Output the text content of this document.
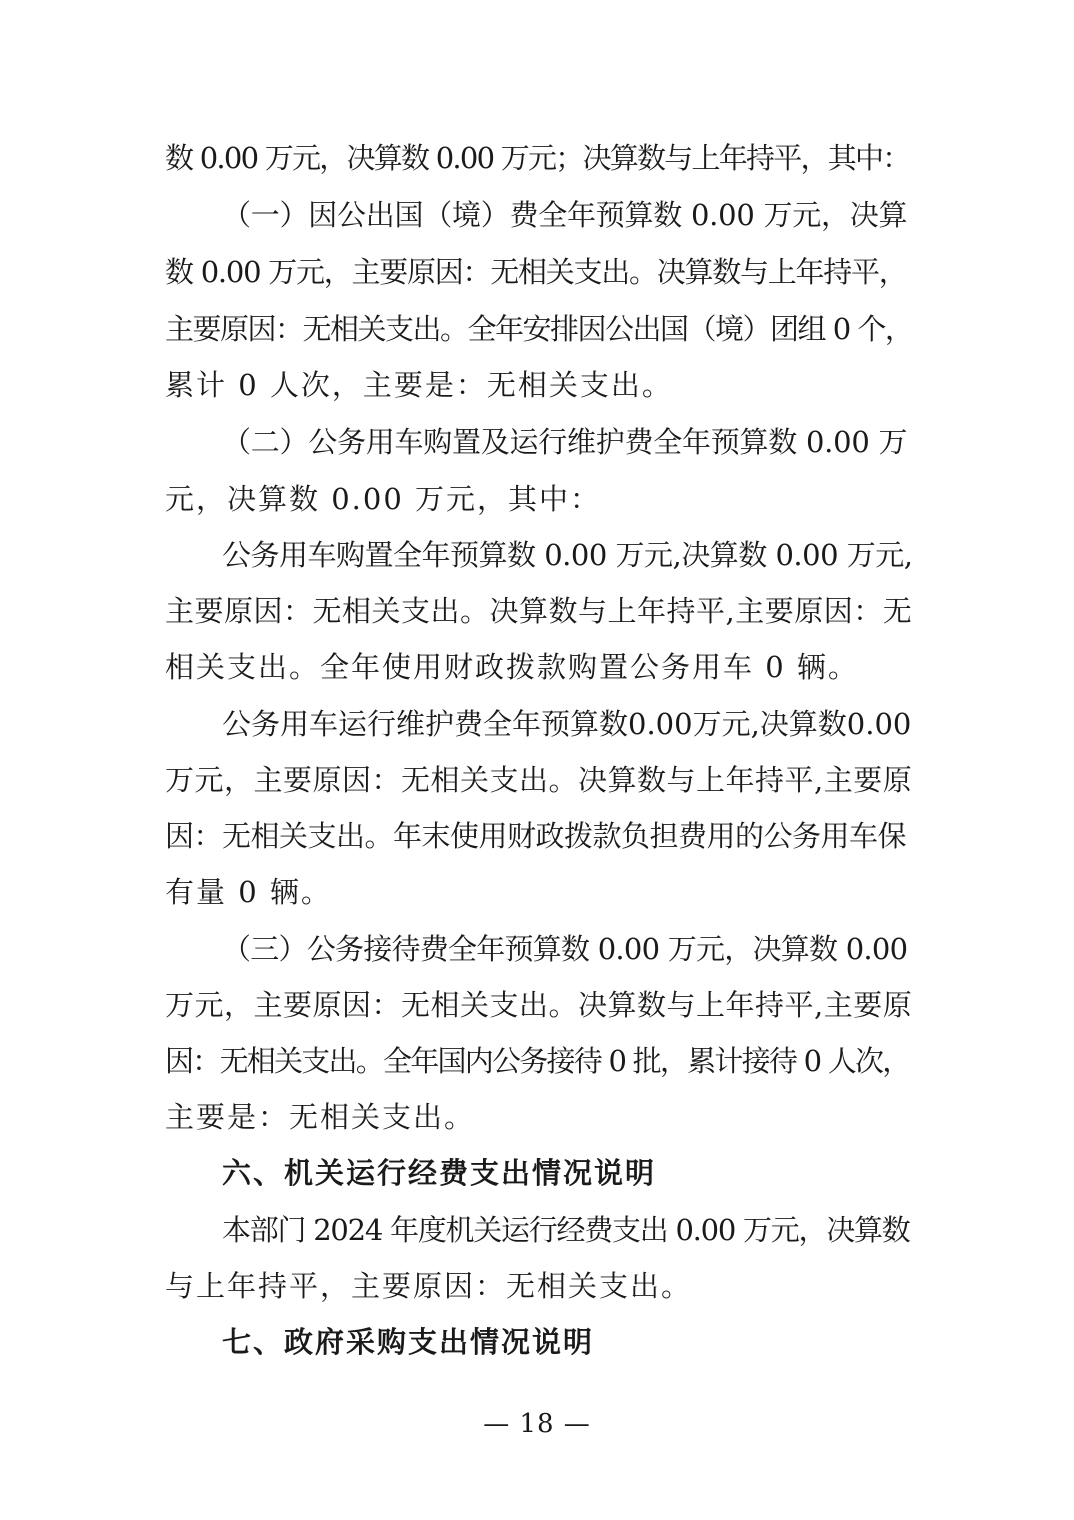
数 0.00 万元，决算数 0.00 万元；决算数与上年持平，其中：
（一）因公出国（境）费全年预算数 0.00 万元，决算
数 0.00 万元，主要原因：无相关支出。决算数与上年持平，
主要原因：无相关支出。全年安排因公出国（境）团组 0 个，
累计 0 人次，主要是：无相关支出。
（二）公务用车购置及运行维护费全年预算数 0.00 万
元，决算数 0.00 万元，其中：
公务用车购置全年预算数 0.00 万元,决算数 0.00 万元,
主要原因：无相关支出。决算数与上年持平,主要原因：无
相关支出。全年使用财政拨款购置公务用车 0 辆。
公务用车运行维护费全年预算数0.00万元,决算数0.00
万元，主要原因：无相关支出。决算数与上年持平,主要原
因：无相关支出。年末使用财政拨款负担费用的公务用车保
有量 0 辆。
（三）公务接待费全年预算数 0.00 万元，决算数 0.00
万元，主要原因：无相关支出。决算数与上年持平,主要原
因：无相关支出。全年国内公务接待 0 批，累计接待 0 人次，
主要是：无相关支出。
六、机关运行经费支出情况说明
本部门 2024 年度机关运行经费支出 0.00 万元，决算数
与上年持平，主要原因：无相关支出。
七、政府采购支出情况说明
— 18 —
